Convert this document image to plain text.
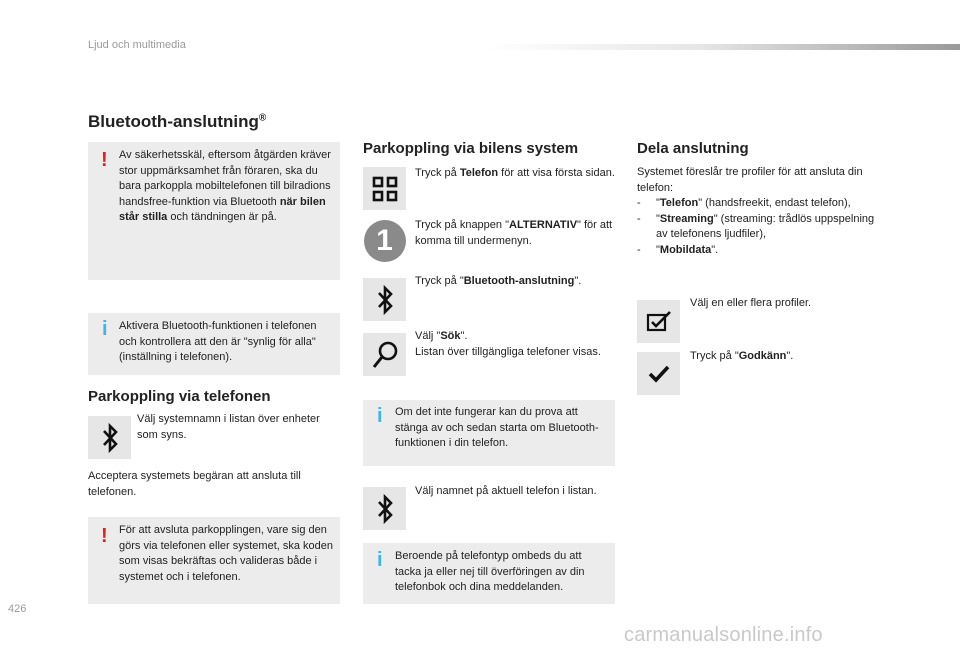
Ljud och multimedia
Bluetooth-anslutning®
! Av säkerhetsskäl, eftersom åtgärden kräver stor uppmärksamhet från föraren, ska du bara parkoppla mobiltelefonen till bilradions handsfree-funktion via Bluetooth när bilen står stilla och tändningen är på.
i Aktivera Bluetooth-funktionen i telefonen och kontrollera att den är "synlig för alla" (inställning i telefonen).
Parkoppling via telefonen
Välj systemnamn i listan över enheter som syns.
Acceptera systemets begäran att ansluta till telefonen.
! För att avsluta parkopplingen, vare sig den görs via telefonen eller systemet, ska koden som visas bekräftas och valideras både i systemet och i telefonen.
Parkoppling via bilens system
Tryck på Telefon för att visa första sidan.
1	Tryck på knappen "ALTERNATIV" för att komma till undermenyn.
Tryck på "Bluetooth-anslutning".
Välj "Sök".
Listan över tillgängliga telefoner visas.
i Om det inte fungerar kan du prova att stänga av och sedan starta om Bluetooth-funktionen i din telefon.
Välj namnet på aktuell telefon i listan.
i Beroende på telefontyp ombeds du att tacka ja eller nej till överföringen av din telefonbok och dina meddelanden.
Dela anslutning
Systemet föreslår tre profiler för att ansluta din telefon:
- "Telefon" (handsfreekit, endast telefon),
- "Streaming" (streaming: trådlös uppspelning av telefonens ljudfiler),
- "Mobildata".
Välj en eller flera profiler.
Tryck på "Godkänn".
426
carmanualsonline.info
